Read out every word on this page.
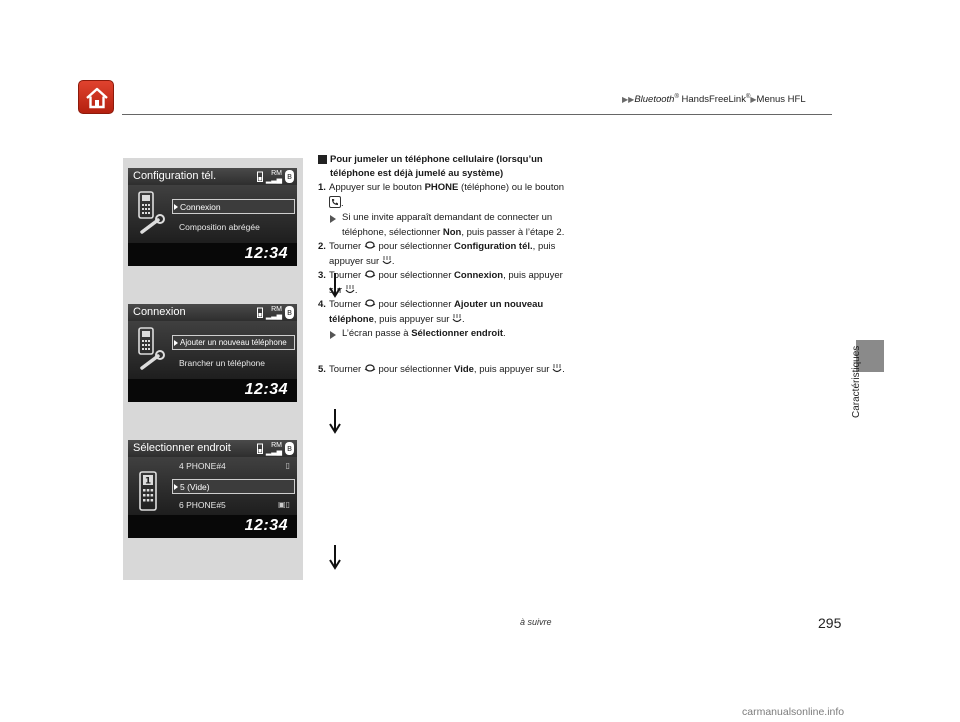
▶▶Bluetooth® HandsFreeLink®▶Menus HFL
Caractéristiques
Configuration tél.	RM
▂▃▅ ʙ
Connexion
Composition abrégée
12:34
Connexion	RM
▂▃▅ ʙ
Ajouter un nouveau téléphone
Brancher un téléphone
12:34
Sélectionner endroit	RM
▂▃▅ ʙ
1
4 PHONE#4	▯
5 (Vide)
6 PHONE#5	▣▯
12:34
Pour jumeler un téléphone cellulaire (lorsqu’un téléphone est déjà jumelé au système)
1. Appuyer sur le bouton PHONE (téléphone) ou le bouton
.
Si une invite apparaît demandant de connecter un téléphone, sélectionner Non, puis passer à l’étape 2.
2. Tourner  pour sélectionner Configuration tél., puis appuyer sur .
3. Tourner  pour sélectionner Connexion, puis appuyer sur .
4. Tourner  pour sélectionner Ajouter un nouveau téléphone, puis appuyer sur .
L’écran passe à Sélectionner endroit.
5. Tourner  pour sélectionner Vide, puis appuyer sur .
à suivre	295
carmanualsonline.info
